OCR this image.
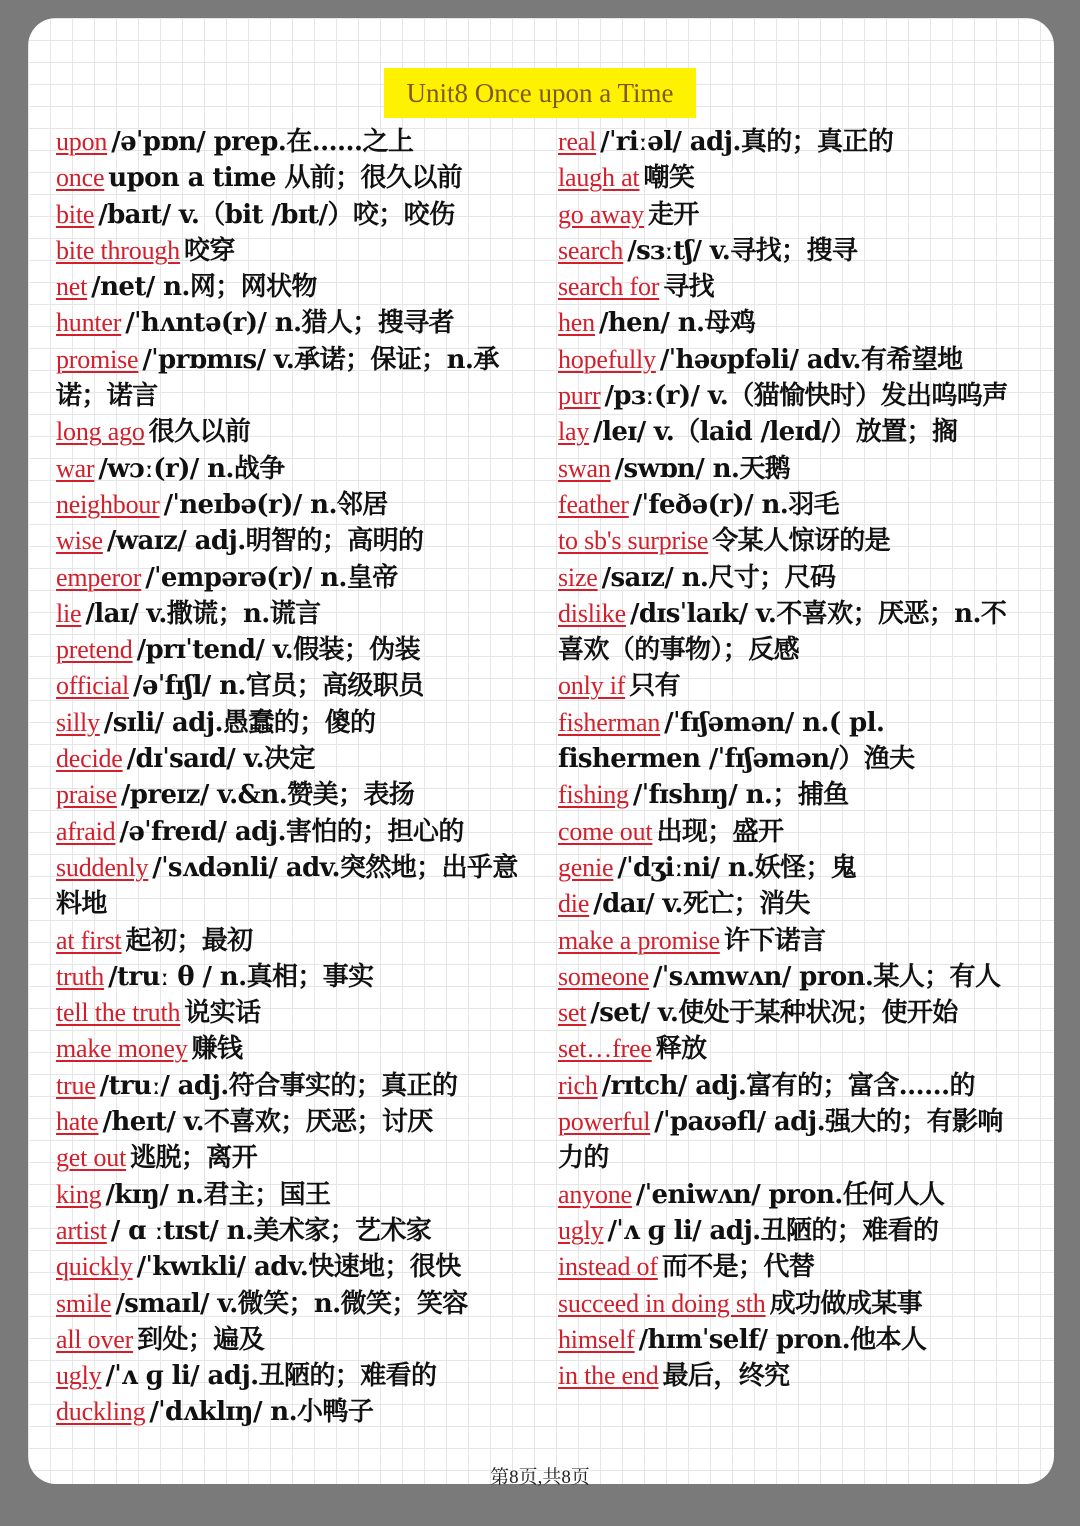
Unit8 Once upon a Time
upon /əˈpɒn/ prep.在……之上
once upon a time 从前；很久以前
bite /baɪt/ v.（bit /bɪt/）咬；咬伤
bite through 咬穿
net /net/ n.网；网状物
hunter /ˈhʌntə(r)/ n.猎人；搜寻者
promise /ˈprɒmɪs/ v.承诺；保证；n.承诺；诺言
long ago 很久以前
war /wɔː(r)/ n.战争
neighbour /ˈneɪbə(r)/ n.邻居
wise /waɪz/ adj.明智的；高明的
emperor /ˈempərə(r)/ n.皇帝
lie /laɪ/ v.撒谎；n.谎言
pretend /prɪˈtend/ v.假装；伪装
official /əˈfɪʃl/ n.官员；高级职员
silly /sɪli/ adj.愚蠢的；傻的
decide /dɪˈsaɪd/ v.决定
praise /preɪz/ v.&n.赞美；表扬
afraid /əˈfreɪd/ adj.害怕的；担心的
suddenly /ˈsʌdənli/ adv.突然地；出乎意料地
at first 起初；最初
truth /truː θ / n.真相；事实
tell the truth 说实话
make money 赚钱
true /truː/ adj.符合事实的；真正的
hate /heɪt/ v.不喜欢；厌恶；讨厌
get out 逃脱；离开
king /kɪŋ/ n.君主；国王
artist / ɑ ːtɪst/ n.美术家；艺术家
quickly /ˈkwɪkli/ adv.快速地；很快
smile /smaɪl/ v.微笑；n.微笑；笑容
all over 到处；遍及
ugly /ˈʌ ɡ li/ adj.丑陋的；难看的
duckling /ˈdʌklɪŋ/ n.小鸭子
real /ˈriːəl/ adj.真的；真正的
laugh at 嘲笑
go away 走开
search /sɜːtʃ/ v.寻找；搜寻
search for 寻找
hen /hen/ n.母鸡
hopefully /ˈhəʊpfəli/ adv.有希望地
purr /pɜː(r)/ v.（猫愉快时）发出呜呜声
lay /leɪ/ v.（laid /leɪd/）放置；搁
swan /swɒn/ n.天鹅
feather /ˈfeðə(r)/ n.羽毛
to sb's surprise 令某人惊讶的是
size /saɪz/ n.尺寸；尺码
dislike /dɪsˈlaɪk/ v.不喜欢；厌恶；n.不喜欢（的事物）；反感
only if 只有
fisherman /ˈfɪʃəmən/ n.( pl. fishermen /ˈfɪʃəmən/）渔夫
fishing /ˈfɪshɪŋ/ n.；捕鱼
come out 出现；盛开
genie /ˈdʒiːni/ n.妖怪；鬼
die /daɪ/ v.死亡；消失
make a promise 许下诺言
someone /ˈsʌmwʌn/ pron.某人；有人
set /set/ v.使处于某种状况；使开始
set…free 释放
rich /rɪtch/ adj.富有的；富含……的
powerful /ˈpaʊəfl/ adj.强大的；有影响力的
anyone /ˈeniwʌn/ pron.任何人人
ugly /ˈʌ ɡ li/ adj.丑陋的；难看的
instead of 而不是；代替
succeed in doing sth 成功做成某事
himself /hɪmˈself/ pron.他本人
in the end 最后，终究
第8页,共8页
